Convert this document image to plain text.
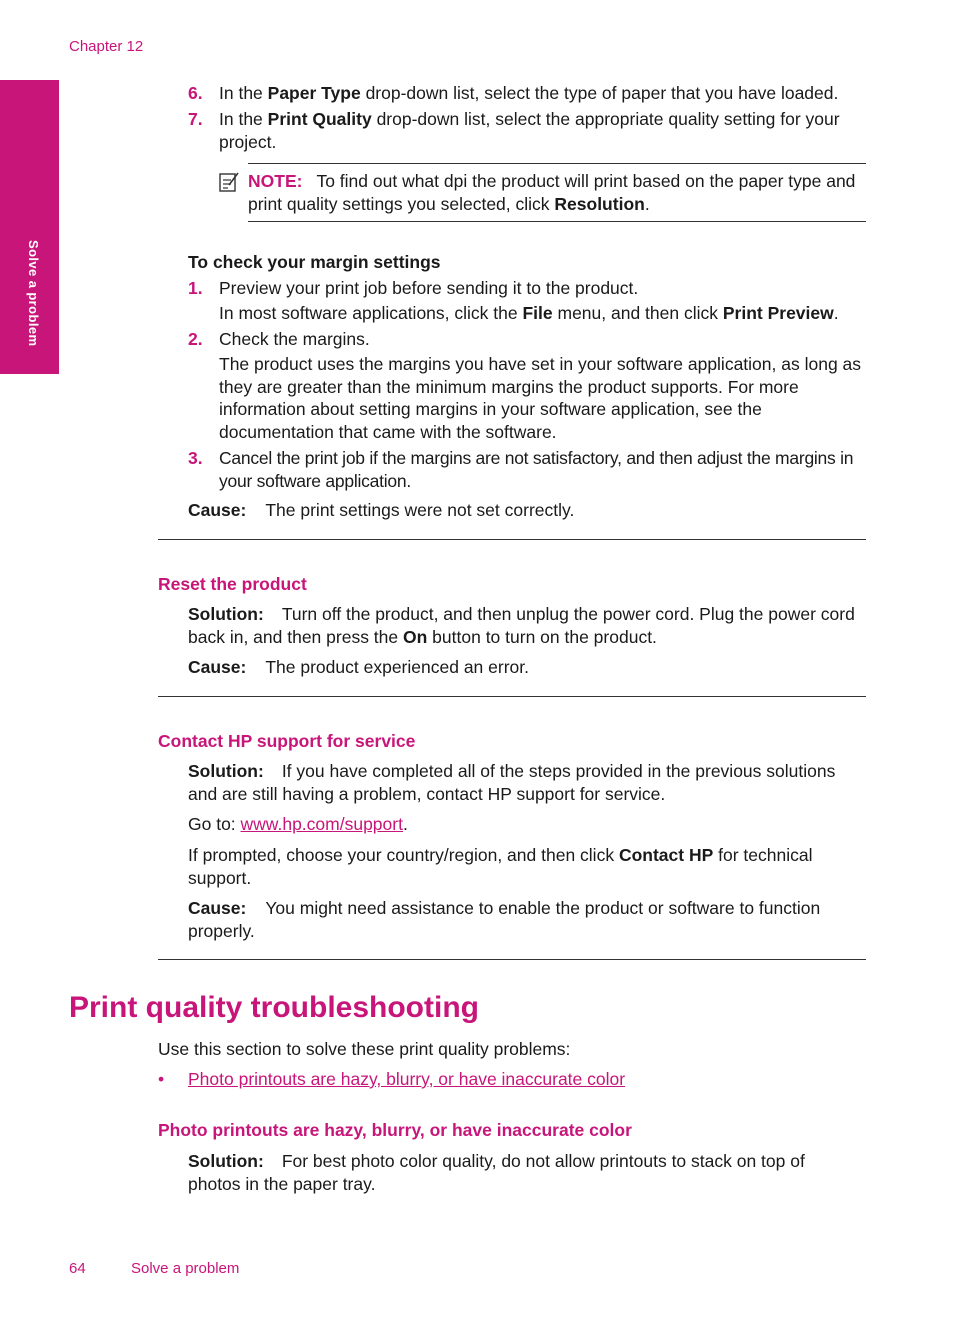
Chapter 12
Solve a problem
6. In the Paper Type drop-down list, select the type of paper that you have loaded.
7. In the Print Quality drop-down list, select the appropriate quality setting for your project.
NOTE: To find out what dpi the product will print based on the paper type and print quality settings you selected, click Resolution.
To check your margin settings
1. Preview your print job before sending it to the product.
In most software applications, click the File menu, and then click Print Preview.
2. Check the margins.
The product uses the margins you have set in your software application, as long as they are greater than the minimum margins the product supports. For more information about setting margins in your software application, see the documentation that came with the software.
3. Cancel the print job if the margins are not satisfactory, and then adjust the margins in your software application.
Cause: The print settings were not set correctly.
Reset the product
Solution: Turn off the product, and then unplug the power cord. Plug the power cord back in, and then press the On button to turn on the product.
Cause: The product experienced an error.
Contact HP support for service
Solution: If you have completed all of the steps provided in the previous solutions and are still having a problem, contact HP support for service.
Go to: www.hp.com/support.
If prompted, choose your country/region, and then click Contact HP for technical support.
Cause: You might need assistance to enable the product or software to function properly.
Print quality troubleshooting
Use this section to solve these print quality problems:
• Photo printouts are hazy, blurry, or have inaccurate color
Photo printouts are hazy, blurry, or have inaccurate color
Solution: For best photo color quality, do not allow printouts to stack on top of photos in the paper tray.
64	Solve a problem
